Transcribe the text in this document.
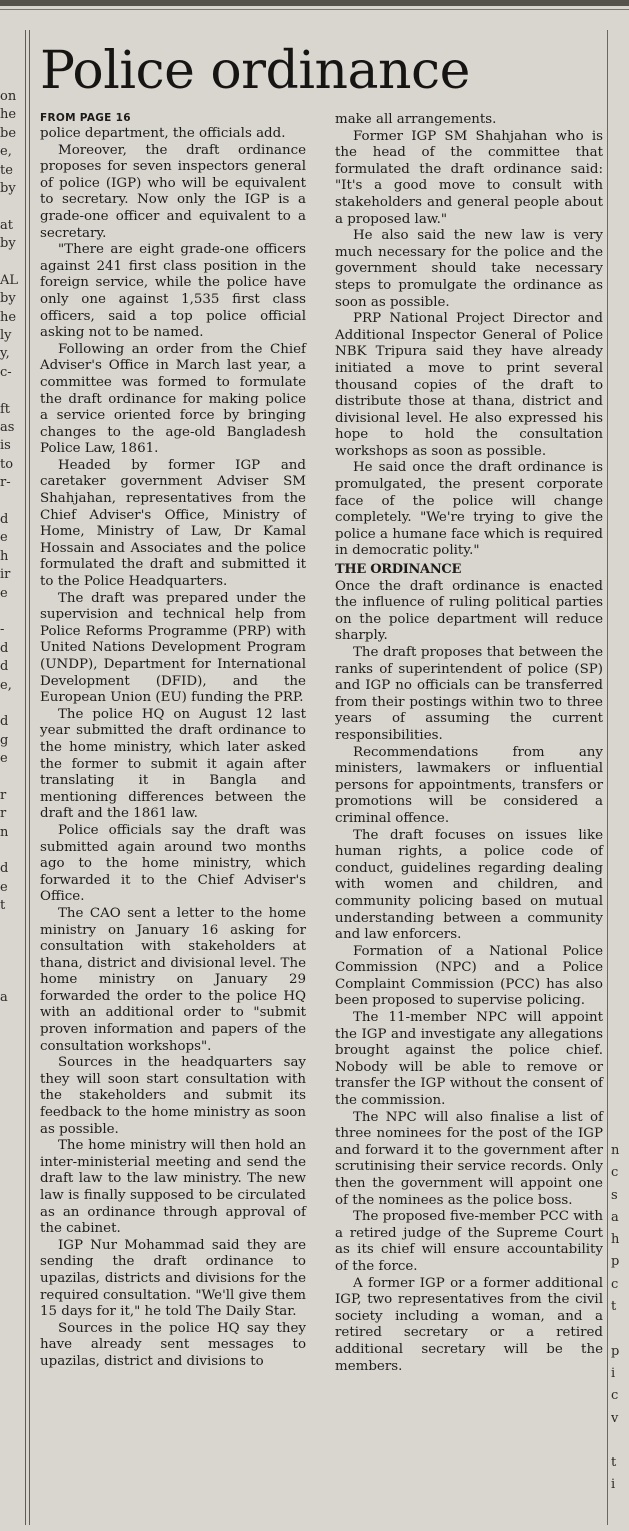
on
he
be
e,
te
by
at
by
AL
by
he
ly
y,
c-
ft
as
is
to
r-
d
e
h
ir
e
-
d
d
e,
d
g
e
r
r
n
d
e
t
a
Police ordinance
FROM PAGE 16

police department, the officials add.

Moreover, the draft ordinance proposes for seven inspectors general of police (IGP) who will be equivalent to secretary. Now only the IGP is a grade-one officer and equivalent to a secretary.

"There are eight grade-one officers against 241 first class position in the foreign service, while the police have only one against 1,535 first class officers, said a top police official asking not to be named.

Following an order from the Chief Adviser's Office in March last year, a committee was formed to formulate the draft ordinance for making police a service oriented force by bringing changes to the age-old Bangladesh Police Law, 1861.

Headed by former IGP and caretaker government Adviser SM Shahjahan, representatives from the Chief Adviser's Office, Ministry of Home, Ministry of Law, Dr Kamal Hossain and Associates and the police formulated the draft and submitted it to the Police Headquarters.

The draft was prepared under the supervision and technical help from Police Reforms Programme (PRP) with United Nations Development Program (UNDP), Department for International Development (DFID), and the European Union (EU) funding the PRP.

The police HQ on August 12 last year submitted the draft ordinance to the home ministry, which later asked the former to submit it again after translating it in Bangla and mentioning differences between the draft and the 1861 law.

Police officials say the draft was submitted again around two months ago to the home ministry, which forwarded it to the Chief Adviser's Office.

The CAO sent a letter to the home ministry on January 16 asking for consultation with stakeholders at thana, district and divisional level. The home ministry on January 29 forwarded the order to the police HQ with an additional order to "submit proven information and papers of the consultation workshops".

Sources in the headquarters say they will soon start consultation with the stakeholders and submit its feedback to the home ministry as soon as possible.

The home ministry will then hold an inter-ministerial meeting and send the draft law to the law ministry. The new law is finally supposed to be circulated as an ordinance through approval of the cabinet.

IGP Nur Mohammad said they are sending the draft ordinance to upazilas, districts and divisions for the required consultation. "We'll give them 15 days for it," he told The Daily Star.

Sources in the police HQ say they have already sent messages to upazilas, district and divisions to

make all arrangements.

Former IGP SM Shahjahan who is the head of the committee that formulated the draft ordinance said: "It's a good move to consult with stakeholders and general people about a proposed law."

He also said the new law is very much necessary for the police and the government should take necessary steps to promulgate the ordinance as soon as possible.

PRP National Project Director and Additional Inspector General of Police NBK Tripura said they have already initiated a move to print several thousand copies of the draft to distribute those at thana, district and divisional level. He also expressed his hope to hold the consultation workshops as soon as possible.

He said once the draft ordinance is promulgated, the present corporate face of the police will change completely. "We're trying to give the police a humane face which is required in democratic polity."

THE ORDINANCE

Once the draft ordinance is enacted the influence of ruling political parties on the police department will reduce sharply.

The draft proposes that between the ranks of superintendent of police (SP) and IGP no officials can be transferred from their postings within two to three years of assuming the current responsibilities.

Recommendations from any ministers, lawmakers or influential persons for appointments, transfers or promotions will be considered a criminal offence.

The draft focuses on issues like human rights, a police code of conduct, guidelines regarding dealing with women and children, and community policing based on mutual understanding between a community and law enforcers.

Formation of a National Police Commission (NPC) and a Police Complaint Commission (PCC) has also been proposed to supervise policing.

The 11-member NPC will appoint the IGP and investigate any allegations brought against the police chief. Nobody will be able to remove or transfer the IGP without the consent of the commission.

The NPC will also finalise a list of three nominees for the post of the IGP and forward it to the government after scrutinising their service records. Only then the government will appoint one of the nominees as the police boss.

The proposed five-member PCC with a retired judge of the Supreme Court as its chief will ensure accountability of the force.

A former IGP or a former additional IGP, two representatives from the civil society including a woman, and a retired secretary or a retired additional secretary will be the members.

n
c
s
a
h
p
c
t
p
i
c
v
t
i
